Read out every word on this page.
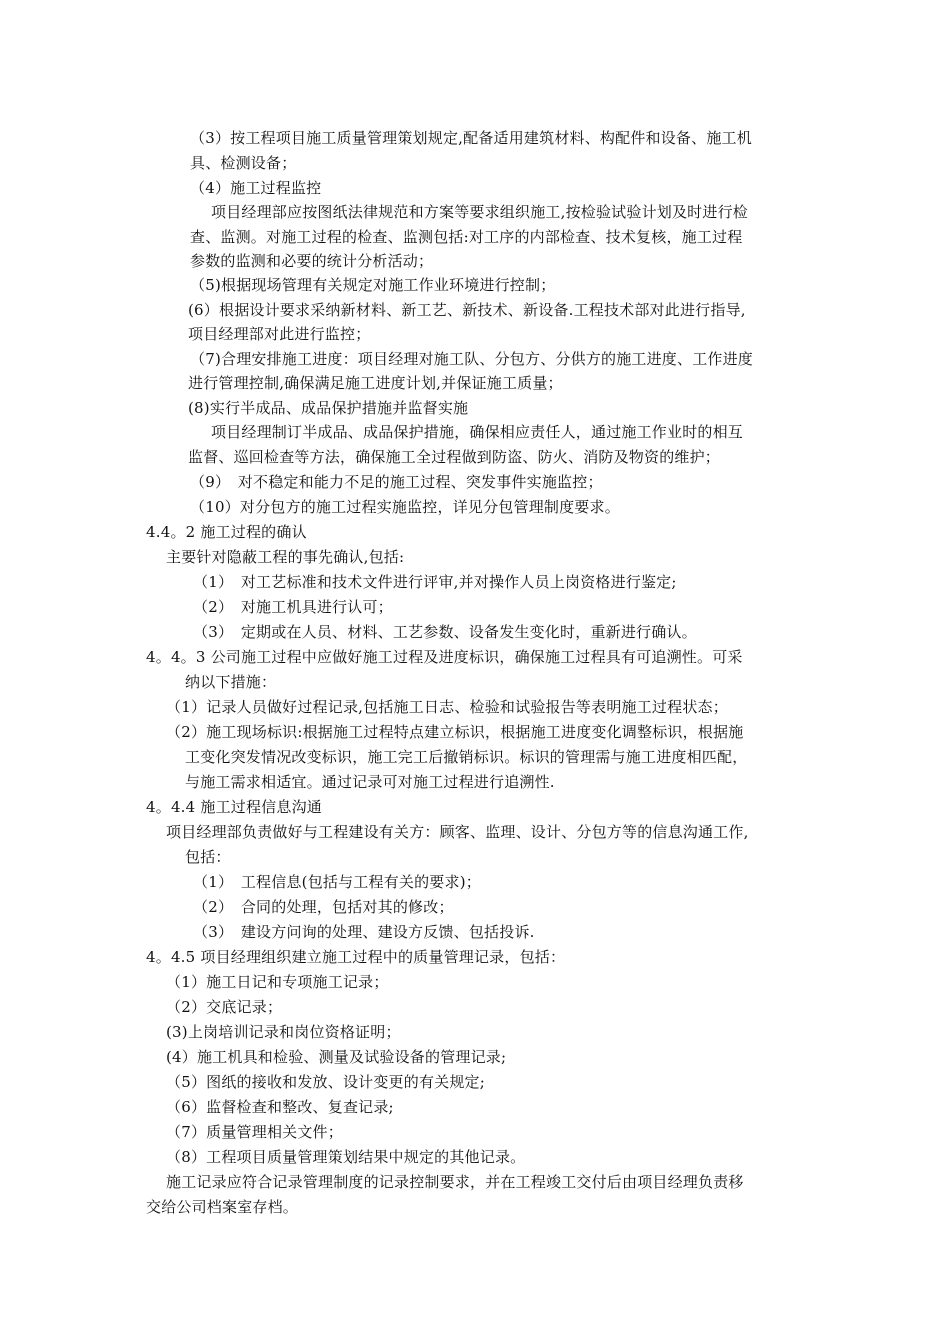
（3）按工程项目施工质量管理策划规定,配备适用建筑材料、构配件和设备、施工机
具、检测设备；
（4）施工过程监控
项目经理部应按图纸法律规范和方案等要求组织施工,按检验试验计划及时进行检
查、监测。对施工过程的检查、监测包括:对工序的内部检查、技术复核，施工过程
参数的监测和必要的统计分析活动；
（5)根据现场管理有关规定对施工作业环境进行控制；
(6）根据设计要求采纳新材料、新工艺、新技术、新设备.工程技术部对此进行指导,
项目经理部对此进行监控；
（7)合理安排施工进度：项目经理对施工队、分包方、分供方的施工进度、工作进度
进行管理控制,确保满足施工进度计划,并保证施工质量；
(8)实行半成品、成品保护措施并监督实施
项目经理制订半成品、成品保护措施，确保相应责任人，通过施工作业时的相互
监督、巡回检查等方法，确保施工全过程做到防盗、防火、消防及物资的维护；
（9）　对不稳定和能力不足的施工过程、突发事件实施监控；
（10）对分包方的施工过程实施监控，详见分包管理制度要求。
4.4。2 施工过程的确认
主要针对隐蔽工程的事先确认,包括:
（1）　对工艺标准和技术文件进行评审,并对操作人员上岗资格进行鉴定;
（2）　对施工机具进行认可；
（3）　定期或在人员、材料、工艺参数、设备发生变化时，重新进行确认。
4。4。3 公司施工过程中应做好施工过程及进度标识，确保施工过程具有可追溯性。可采
纳以下措施：
（1）记录人员做好过程记录,包括施工日志、检验和试验报告等表明施工过程状态；
（2）施工现场标识:根据施工过程特点建立标识，根据施工进度变化调整标识，根据施
工变化突发情况改变标识，施工完工后撤销标识。标识的管理需与施工进度相匹配，
与施工需求相适宜。通过记录可对施工过程进行追溯性.
4。4.4 施工过程信息沟通
项目经理部负责做好与工程建设有关方：顾客、监理、设计、分包方等的信息沟通工作,
包括：
（1）　工程信息(包括与工程有关的要求)；
（2）　合同的处理，包括对其的修改；
（3）　建设方问询的处理、建设方反馈、包括投诉.
4。4.5 项目经理组织建立施工过程中的质量管理记录，包括：
（1）施工日记和专项施工记录；
（2）交底记录；
(3)上岗培训记录和岗位资格证明；
(4）施工机具和检验、测量及试验设备的管理记录;
（5）图纸的接收和发放、设计变更的有关规定;
（6）监督检查和整改、复查记录;
（7）质量管理相关文件；
（8）工程项目质量管理策划结果中规定的其他记录。
施工记录应符合记录管理制度的记录控制要求，并在工程竣工交付后由项目经理负责移
交给公司档案室存档。
